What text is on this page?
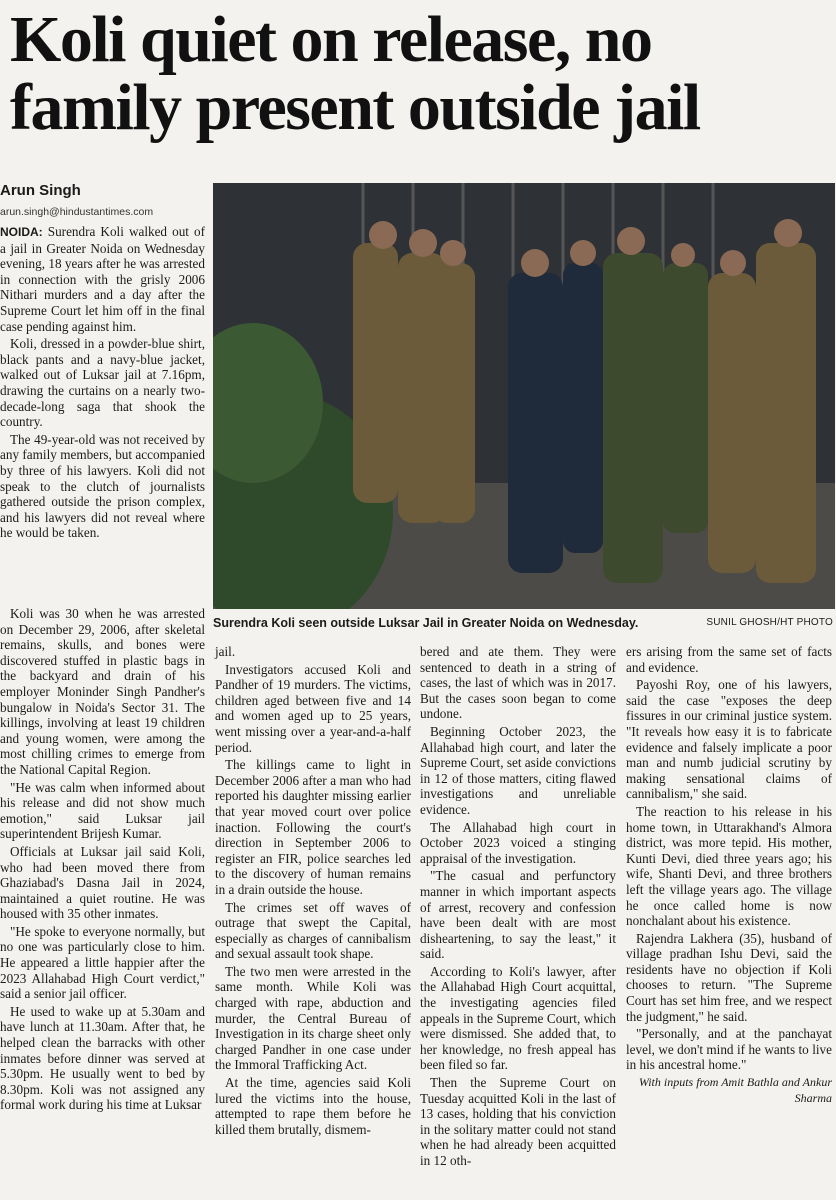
Koli quiet on release, no family present outside jail
Arun Singh
arun.singh@hindustantimes.com

NOIDA: Surendra Koli walked out of a jail in Greater Noida on Wednesday evening, 18 years after he was arrested in connection with the grisly 2006 Nithari murders and a day after the Supreme Court let him off in the final case pending against him.

Koli, dressed in a powder-blue shirt, black pants and a navy-blue jacket, walked out of Luksar jail at 7.16pm, drawing the curtains on a nearly two-decade-long saga that shook the country.

The 49-year-old was not received by any family members, but accompanied by three of his lawyers. Koli did not speak to the clutch of journalists gathered outside the prison complex, and his lawyers did not reveal where he would be taken.

Koli was 30 when he was arrested on December 29, 2006, after skeletal remains, skulls, and bones were discovered stuffed in plastic bags in the backyard and drain of his employer Moninder Singh Pandher's bungalow in Noida's Sector 31. The killings, involving at least 19 children and young women, were among the most chilling crimes to emerge from the National Capital Region.

"He was calm when informed about his release and did not show much emotion," said Luksar jail superintendent Brijesh Kumar.

Officials at Luksar jail said Koli, who had been moved there from Ghaziabad's Dasna Jail in 2024, maintained a quiet routine. He was housed with 35 other inmates.

"He spoke to everyone normally, but no one was particularly close to him. He appeared a little happier after the 2023 Allahabad High Court verdict," said a senior jail officer.

He used to wake up at 5.30am and have lunch at 11.30am. After that, he helped clean the barracks with other inmates before dinner was served at 5.30pm. He usually went to bed by 8.30pm. Koli was not assigned any formal work during his time at Luksar

Surendra Koli seen outside Luksar Jail in Greater Noida on Wednesday.	SUNIL GHOSH/HT PHOTO

jail.

Investigators accused Koli and Pandher of 19 murders. The victims, children aged between five and 14 and women aged up to 25 years, went missing over a year-and-a-half period.

The killings came to light in December 2006 after a man who had reported his daughter missing earlier that year moved court over police inaction. Following the court's direction in September 2006 to register an FIR, police searches led to the discovery of human remains in a drain outside the house.

The crimes set off waves of outrage that swept the Capital, especially as charges of cannibalism and sexual assault took shape.

The two men were arrested in the same month. While Koli was charged with rape, abduction and murder, the Central Bureau of Investigation in its charge sheet only charged Pandher in one case under the Immoral Trafficking Act.

At the time, agencies said Koli lured the victims into the house, attempted to rape them before he killed them brutally, dismem-

bered and ate them. They were sentenced to death in a string of cases, the last of which was in 2017. But the cases soon began to come undone.

Beginning October 2023, the Allahabad high court, and later the Supreme Court, set aside convictions in 12 of those matters, citing flawed investigations and unreliable evidence.

The Allahabad high court in October 2023 voiced a stinging appraisal of the investigation.

"The casual and perfunctory manner in which important aspects of arrest, recovery and confession have been dealt with are most disheartening, to say the least," it said.

According to Koli's lawyer, after the Allahabad High Court acquittal, the investigating agencies filed appeals in the Supreme Court, which were dismissed. She added that, to her knowledge, no fresh appeal has been filed so far.

Then the Supreme Court on Tuesday acquitted Koli in the last of 13 cases, holding that his conviction in the solitary matter could not stand when he had already been acquitted in 12 oth-

ers arising from the same set of facts and evidence.

Payoshi Roy, one of his lawyers, said the case "exposes the deep fissures in our criminal justice system. "It reveals how easy it is to fabricate evidence and falsely implicate a poor man and numb judicial scrutiny by making sensational claims of cannibalism," she said.

The reaction to his release in his home town, in Uttarakhand's Almora district, was more tepid. His mother, Kunti Devi, died three years ago; his wife, Shanti Devi, and three brothers left the village years ago. The village he once called home is now nonchalant about his existence.

Rajendra Lakhera (35), husband of village pradhan Ishu Devi, said the residents have no objection if Koli chooses to return. "The Supreme Court has set him free, and we respect the judgment," he said.

"Personally, and at the panchayat level, we don't mind if he wants to live in his ancestral home."

With inputs from Amit Bathla and Ankur Sharma
